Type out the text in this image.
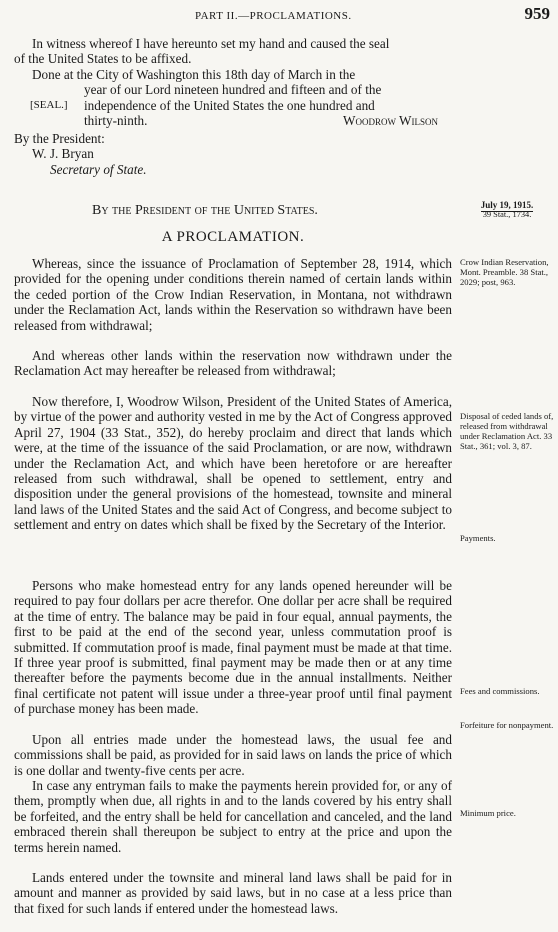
PART II.—PROCLAMATIONS.	959

In witness whereof I have hereunto set my hand and caused the seal

of the United States to be affixed.

Done at the City of Washington this 18th day of March in the

year of our Lord nineteen hundred and fifteen and of the

[SEAL.] independence of the United States the one hundred and

thirty-ninth.	Woodrow Wilson

By the President:

W. J. Bryan

Secretary of State.

By the President of the United States.	July 19, 1915.
39 Stat., 1734.

A PROCLAMATION.

Whereas, since the issuance of Proclamation of September 28, 1914, which provided for the opening under conditions therein named of certain lands within the ceded portion of the Crow Indian Reservation, in Montana, not withdrawn under the Reclamation Act, lands within the Reservation so withdrawn have been released from withdrawal;

And whereas other lands within the reservation now withdrawn under the Reclamation Act may hereafter be released from withdrawal;

Now therefore, I, Woodrow Wilson, President of the United States of America, by virtue of the power and authority vested in me by the Act of Congress approved April 27, 1904 (33 Stat., 352), do hereby proclaim and direct that lands which were, at the time of the issuance of the said Proclamation, or are now, withdrawn under the Reclamation Act, and which have been heretofore or are hereafter released from such withdrawal, shall be opened to settlement, entry and disposition under the general provisions of the homestead, townsite and mineral land laws of the United States and the said Act of Congress, and become subject to settlement and entry on dates which shall be fixed by the Secretary of the Interior.

Persons who make homestead entry for any lands opened hereunder will be required to pay four dollars per acre therefor. One dollar per acre shall be required at the time of entry. The balance may be paid in four equal, annual payments, the first to be paid at the end of the second year, unless commutation proof is submitted. If commutation proof is made, final payment must be made at that time. If three year proof is submitted, final payment may be made then or at any time thereafter before the payments become due in the annual installments. Neither final certificate not patent will issue under a three-year proof until final payment of purchase money has been made.

Upon all entries made under the homestead laws, the usual fee and commissions shall be paid, as provided for in said laws on lands the price of which is one dollar and twenty-five cents per acre.

In case any entryman fails to make the payments herein provided for, or any of them, promptly when due, all rights in and to the lands covered by his entry shall be forfeited, and the entry shall be held for cancellation and canceled, and the land embraced therein shall thereupon be subject to entry at the price and upon the terms herein named.

Lands entered under the townsite and mineral land laws shall be paid for in amount and manner as provided by said laws, but in no case at a less price than that fixed for such lands if entered under the homestead laws.

Crow Indian Reservation, Mont. Preamble. 38 Stat., 2029; post, 963.
Disposal of ceded lands of, released from withdrawal under Reclamation Act. 33 Stat., 361; vol. 3, 87.
Payments.
Fees and commissions.
Forfeiture for nonpayment.
Minimum price.
